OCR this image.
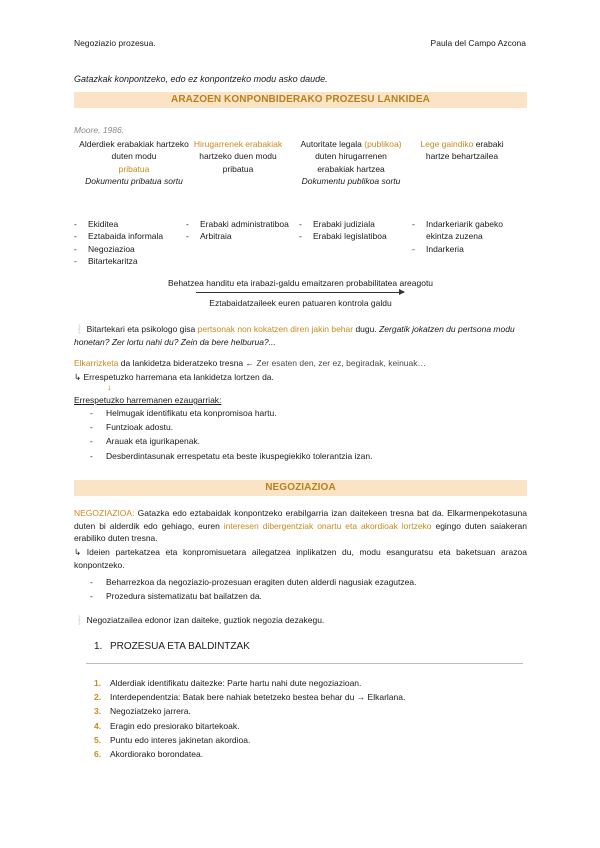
Negoziazio prozesua.	Paula del Campo Azcona
Gatazkak konpontzeko, edo ez konpontzeko modu asko daude.
ARAZOEN KONPONBIDERAKO PROZESU LANKIDEA
Moore, 1986.
Alderdiek erabakiak hartzeko duten modu
pribatua
Dokumentu pribatua sortu
Hirugarrenek erabakiak hartzeko duen modu pribatua
Autoritate legala (publikoa) duten hirugarrenen erabakiak hartzea
Dokumentu publikoa sortu
Lege gaindiko erabaki hartze behartzailea
- Ekiditea
- Eztabaida informala
- Negoziazioa
- Bitartekaritza
- Erabaki administratiboa
- Arbitraia
- Erabaki judiziala
- Erabaki legislatiboa
- Indarkeriarik gabeko ekintza zuzena
- Indarkeria
Behatzea handitu eta irabazi-galdu emaitzaren probabilitatea areagotu
Eztabaidatzaileek euren patuaren kontrola galdu
❕ Bitartekari eta psikologo gisa pertsonak non kokatzen diren jakin behar dugu. Zergatik jokatzen du pertsona modu honetan? Zer lortu nahi du? Zein da bere helburua?...
Elkarrizketa da lankidetza bideratzeko tresna ← Zer esaten den, zer ez, begiradak, keinuak…
↳ Errespetuzko harremana eta lankidetza lortzen da.
↓
Errespetuzko harremanen ezaugarriak:
- Helmugak identifikatu eta konpromisoa hartu.
- Funtzioak adostu.
- Arauak eta igurikapenak.
- Desberdintasunak errespetatu eta beste ikuspegiekiko tolerantzia izan.
NEGOZIAZIOA
NEGOZIAZIOA: Gatazka edo eztabaidak konpontzeko erabilgarria izan daitekeen tresna bat da. Elkarmenpekotasuna duten bi alderdik edo gehiago, euren interesen dibergentziak onartu eta akordioak lortzeko egingo duten saiakeran erabiliko duten tresna.
↳ Ideien partekatzea eta konpromisuetara ailegatzea inplikatzen du, modu esanguratsu eta baketsuan arazoa konpontzeko.
- Beharrezkoa da negoziazio-prozesuan eragiten duten alderdi nagusiak ezagutzea.
- Prozedura sistematizatu bat bailatzen da.
❕ Negoziatzailea edonor izan daiteke, guztiok negozia dezakegu.
1. PROZESUA ETA BALDINTZAK
1. Alderdiak identifikatu daitezke: Parte hartu nahi dute negoziazioan.
2. Interdependentzia: Batak bere nahiak betetzeko bestea behar du → Elkarlana.
3. Negoziatzeko jarrera.
4. Eragin edo presiorako bitartekoak.
5. Puntu edo interes jakinetan akordioa.
6. Akordiorako borondatea.
